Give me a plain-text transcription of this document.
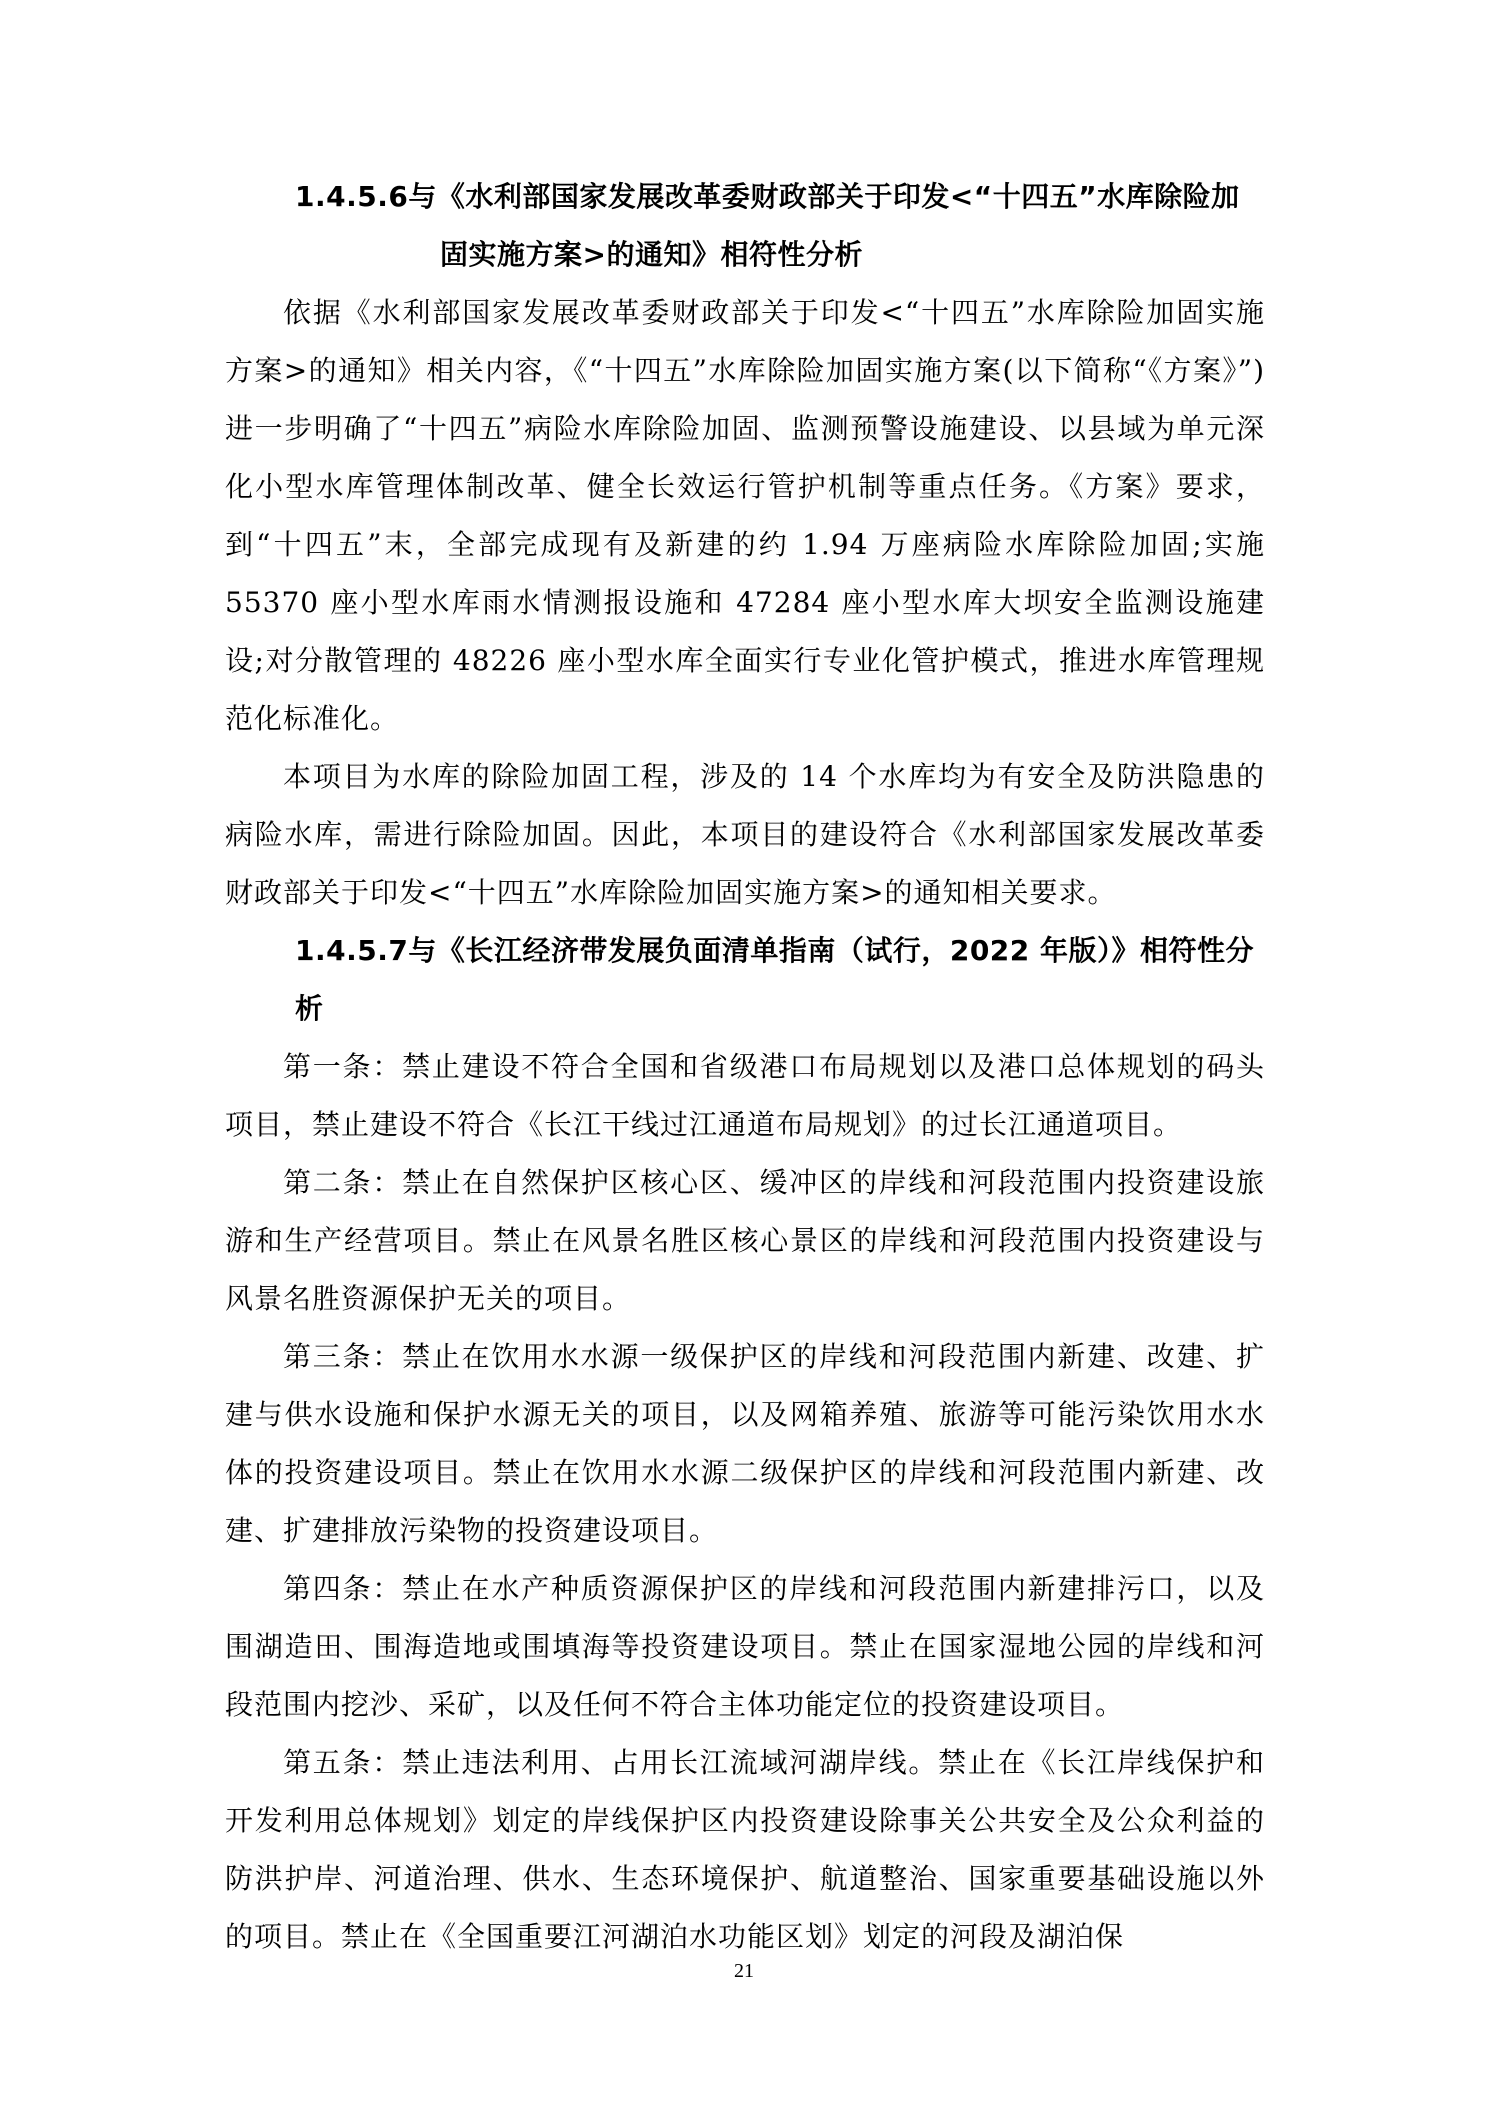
1.4.5.6与《水利部国家发展改革委财政部关于印发<“十四五”水库除险加
固实施方案>的通知》相符性分析

依据《水利部国家发展改革委财政部关于印发<“十四五”水库除险加固实施方案>的通知》相关内容，《“十四五”水库除险加固实施方案(以下简称“《方案》”)进一步明确了“十四五”病险水库除险加固、监测预警设施建设、以县域为单元深化小型水库管理体制改革、健全长效运行管护机制等重点任务。《方案》要求，到“十四五”末，全部完成现有及新建的约 1.94 万座病险水库除险加固;实施 55370 座小型水库雨水情测报设施和 47284 座小型水库大坝安全监测设施建设;对分散管理的 48226 座小型水库全面实行专业化管护模式，推进水库管理规范化标准化。

本项目为水库的除险加固工程，涉及的 14 个水库均为有安全及防洪隐患的病险水库，需进行除险加固。因此，本项目的建设符合《水利部国家发展改革委财政部关于印发<“十四五”水库除险加固实施方案>的通知相关要求。

1.4.5.7与《长江经济带发展负面清单指南（试行，2022 年版）》相符性分析

第一条：禁止建设不符合全国和省级港口布局规划以及港口总体规划的码头项目，禁止建设不符合《长江干线过江通道布局规划》的过长江通道项目。

第二条：禁止在自然保护区核心区、缓冲区的岸线和河段范围内投资建设旅游和生产经营项目。禁止在风景名胜区核心景区的岸线和河段范围内投资建设与风景名胜资源保护无关的项目。

第三条：禁止在饮用水水源一级保护区的岸线和河段范围内新建、改建、扩建与供水设施和保护水源无关的项目，以及网箱养殖、旅游等可能污染饮用水水体的投资建设项目。禁止在饮用水水源二级保护区的岸线和河段范围内新建、改建、扩建排放污染物的投资建设项目。

第四条：禁止在水产种质资源保护区的岸线和河段范围内新建排污口，以及围湖造田、围海造地或围填海等投资建设项目。禁止在国家湿地公园的岸线和河段范围内挖沙、采矿，以及任何不符合主体功能定位的投资建设项目。

第五条：禁止违法利用、占用长江流域河湖岸线。禁止在《长江岸线保护和开发利用总体规划》划定的岸线保护区内投资建设除事关公共安全及公众利益的防洪护岸、河道治理、供水、生态环境保护、航道整治、国家重要基础设施以外的项目。禁止在《全国重要江河湖泊水功能区划》划定的河段及湖泊保

21
